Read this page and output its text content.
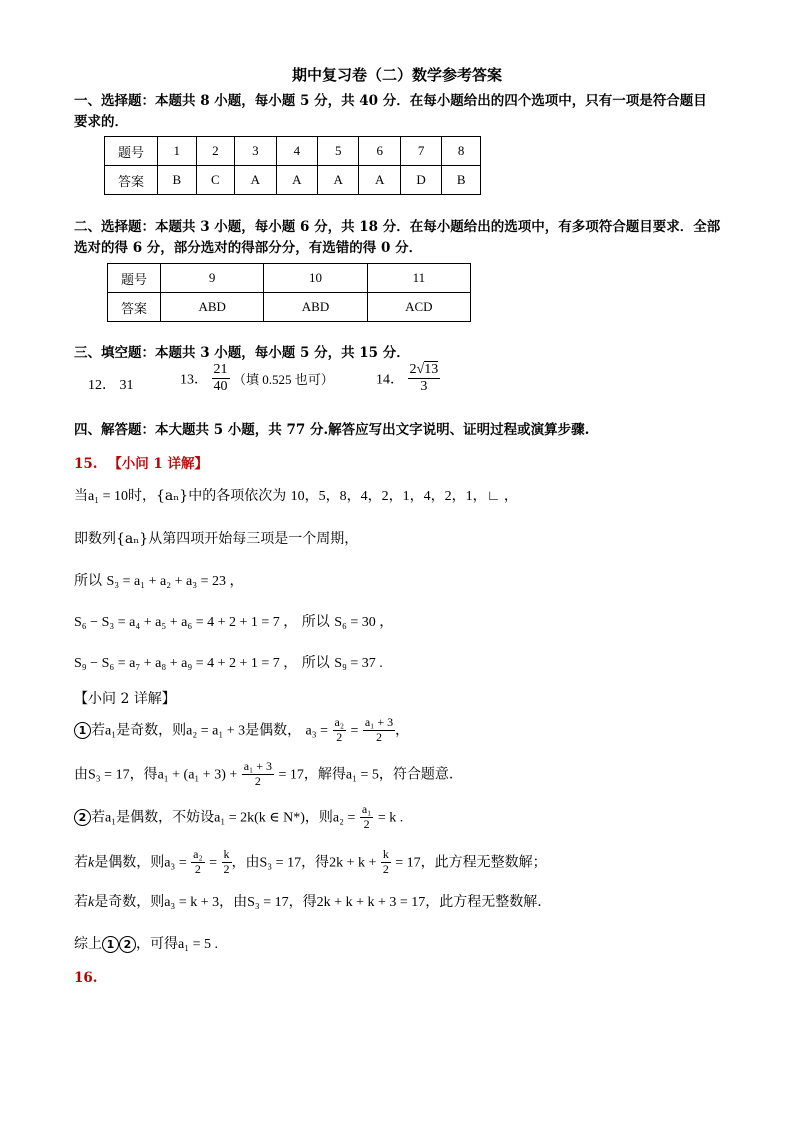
期中复习卷（二）数学参考答案
一、选择题：本题共 8 小题，每小题 5 分，共 40 分．在每小题给出的四个选项中，只有一项是符合题目
要求的．
题号	1	2	3	4	5	6	7	8
答案	B	C	A	A	A	A	D	B
二、选择题：本题共 3 小题，每小题 6 分，共 18 分．在每小题给出的选项中，有多项符合题目要求．全部
选对的得 6 分，部分选对的得部分分，有选错的得 0 分．
题号	9	10	11
答案	ABD	ABD	ACD
三、填空题：本题共 3 小题，每小题 5 分，共 15 分．
12． 31	13． $\frac{21}{40}$ （填 0.525 也可）	14． $\frac{2√13}{3}$
四、解答题：本大题共 5 小题，共 77 分.解答应写出文字说明、证明过程或演算步骤.
15. 【小问 1 详解】
当a₁ = 10时，{aₙ}中的各项依次为 10，5，8，4，2，1，4，2，1，∟ ，
即数列{aₙ}从第四项开始每三项是一个周期，
所以 S₃ = a₁ + a₂ + a₃ = 23 ，
S₆ − S₃ = a₄ + a₅ + a₆ = 4 + 2 + 1 = 7 ， 所以 S₆ = 30 ，
S₉ − S₆ = a₇ + a₈ + a₉ = 4 + 2 + 1 = 7 ， 所以 S₉ = 37 .
【小问 2 详解】
1 若a₁是奇数，则a₂ = a₁ + 3是偶数， $a_3 = \frac{\text{a₂}}{2} = \frac{\text{a₁ + 3}}{2}$ ，
由S₃ = 17，得$a_1 + (a_1 + 3) + \frac{\text{a₁ + 3}}{2} = 17$，解得a₁ = 5，符合题意.
2 若a₁是偶数，不妨设a₁ = 2k(k ∈ N*)，则$a_2 = \frac{\text{a₁}}{2} = k$ .
若k是偶数，则$a_3 = \frac{\text{a₂}}{2} = \frac{k}{2}$ ，由S₃ = 17，得$2k + k + \frac{k}{2} = 17$，此方程无整数解；
若k是奇数，则a₃ = k + 3，由S₃ = 17，得2k + k + k + 3 = 17，此方程无整数解.
综上 1 2 ，可得a₁ = 5 .
16.
